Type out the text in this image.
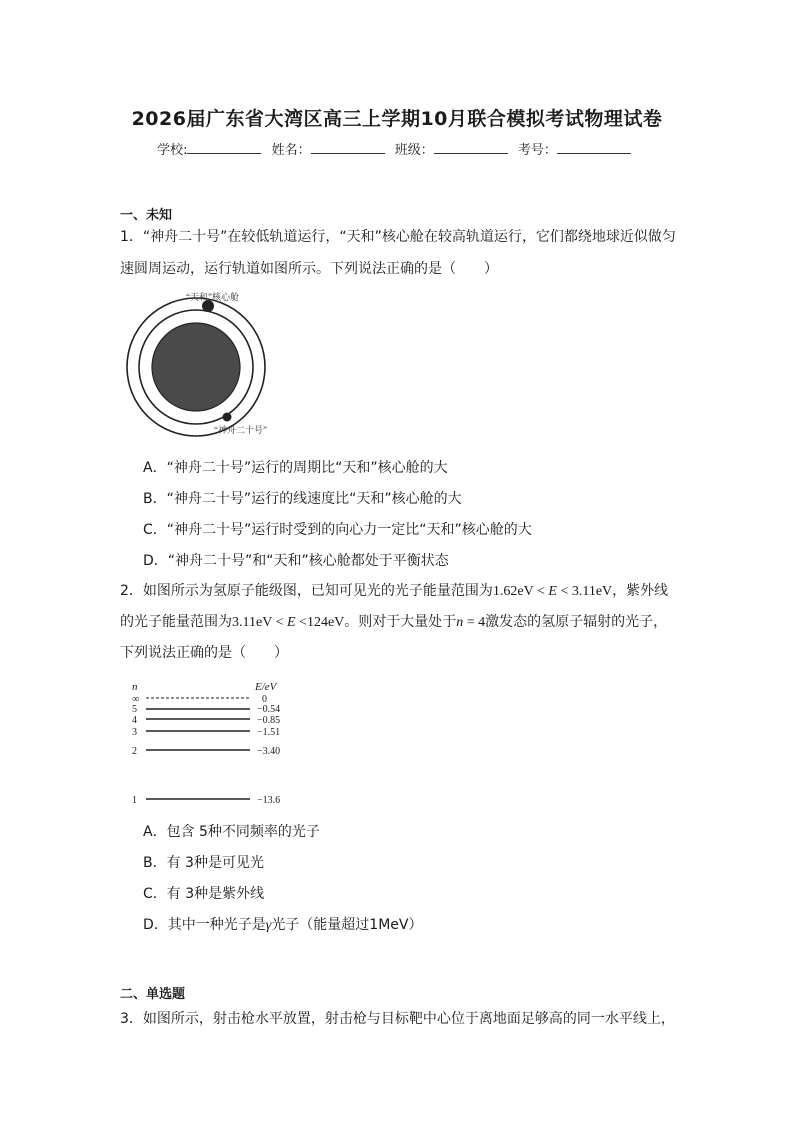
2026届广东省大湾区高三上学期10月联合模拟考试物理试卷
学校:	姓名：	班级：	考号：
一、未知
1．“神舟二十号”在较低轨道运行，“天和”核心舱在较高轨道运行，它们都绕地球近似做匀
速圆周运动，运行轨道如图所示。下列说法正确的是（　　）
“天和”核心舱
“神舟二十号”
A．“神舟二十号”运行的周期比“天和”核心舱的大
B．“神舟二十号”运行的线速度比“天和”核心舱的大
C．“神舟二十号”运行时受到的向心力一定比“天和”核心舱的大
D．“神舟二十号”和“天和”核心舱都处于平衡状态
2．如图所示为氢原子能级图，已知可见光的光子能量范围为1.62eV < E < 3.11eV，紫外线
的光子能量范围为3.11eV < E <124eV。则对于大量处于n = 4激发态的氢原子辐射的光子，
下列说法正确的是（　　）
n	E/eV
∞	0
5	−0.54
4	−0.85
3	−1.51
2	−3.40
1	−13.6
A．包含 5种不同频率的光子
B．有 3种是可见光
C．有 3种是紫外线
D．其中一种光子是γ光子（能量超过1MeV）
二、单选题
3．如图所示，射击枪水平放置，射击枪与目标靶中心位于离地面足够高的同一水平线上，
